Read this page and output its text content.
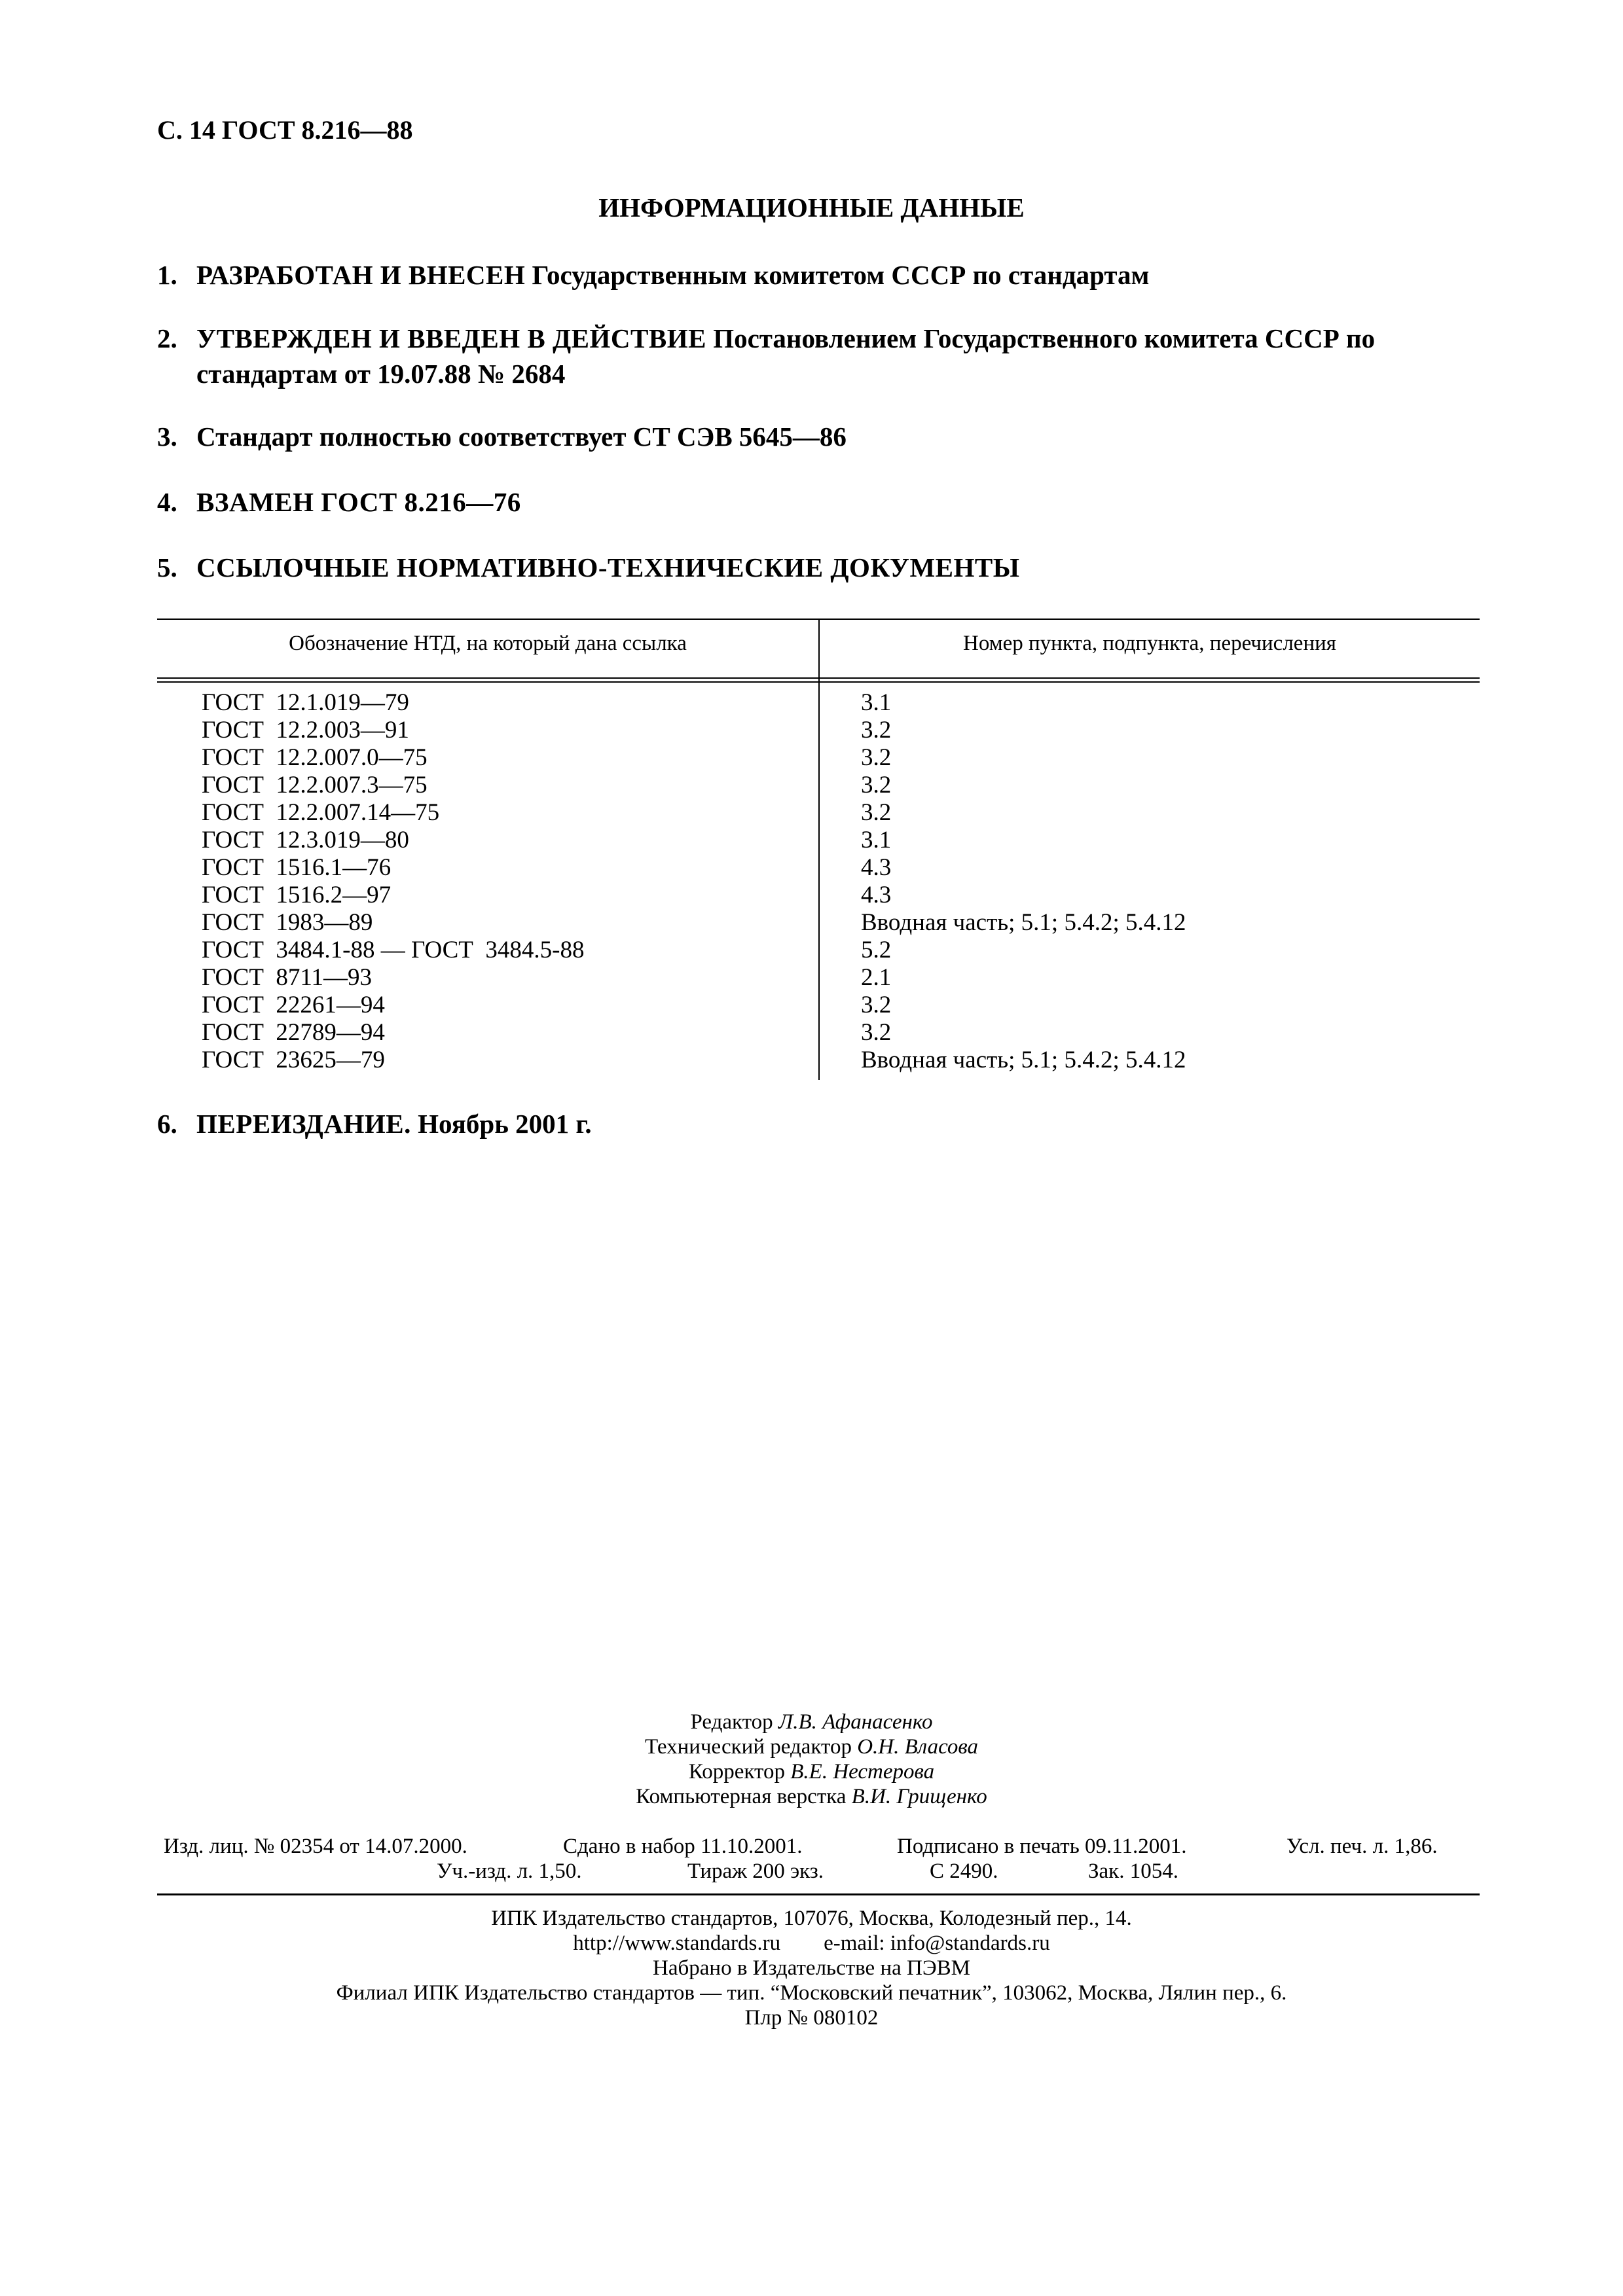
С. 14 ГОСТ 8.216—88
ИНФОРМАЦИОННЫЕ ДАННЫЕ
1. РАЗРАБОТАН И ВНЕСЕН Государственным комитетом СССР по стандартам
2. УТВЕРЖДЕН И ВВЕДЕН В ДЕЙСТВИЕ Постановлением Государственного комитета СССР по
стандартам от 19.07.88 № 2684
3. Стандарт полностью соответствует СТ СЭВ 5645—86
4. ВЗАМЕН ГОСТ 8.216—76
5. ССЫЛОЧНЫЕ НОРМАТИВНО-ТЕХНИЧЕСКИЕ ДОКУМЕНТЫ
Обозначение НТД, на который дана ссылка	Номер пункта, подпункта, перечисления
ГОСТ  12.1.019—79	3.1
ГОСТ  12.2.003—91	3.2
ГОСТ  12.2.007.0—75	3.2
ГОСТ  12.2.007.3—75	3.2
ГОСТ  12.2.007.14—75	3.2
ГОСТ  12.3.019—80	3.1
ГОСТ  1516.1—76	4.3
ГОСТ  1516.2—97	4.3
ГОСТ  1983—89	Вводная часть; 5.1; 5.4.2; 5.4.12
ГОСТ  3484.1-88 — ГОСТ  3484.5-88	5.2
ГОСТ  8711—93	2.1
ГОСТ  22261—94	3.2
ГОСТ  22789—94	3.2
ГОСТ  23625—79	Вводная часть; 5.1; 5.4.2; 5.4.12
6. ПЕРЕИЗДАНИЕ. Ноябрь 2001 г.
Редактор Л.В. Афанасенко
Технический редактор О.Н. Власова
Корректор В.Е. Нестерова
Компьютерная верстка В.И. Грищенко
Изд. лиц. № 02354 от 14.07.2000.	Сдано в набор 11.10.2001.	Подписано в печать 09.11.2001.	Усл. печ. л. 1,86.
Уч.-изд. л. 1,50.	Тираж 200 экз.	С 2490.	Зак. 1054.
ИПК Издательство стандартов, 107076, Москва, Колодезный пер., 14.
http://www.standards.ru        e-mail: info@standards.ru
Набрано в Издательстве на ПЭВМ
Филиал ИПК Издательство стандартов — тип. “Московский печатник”, 103062, Москва, Лялин пер., 6.
Плр № 080102
